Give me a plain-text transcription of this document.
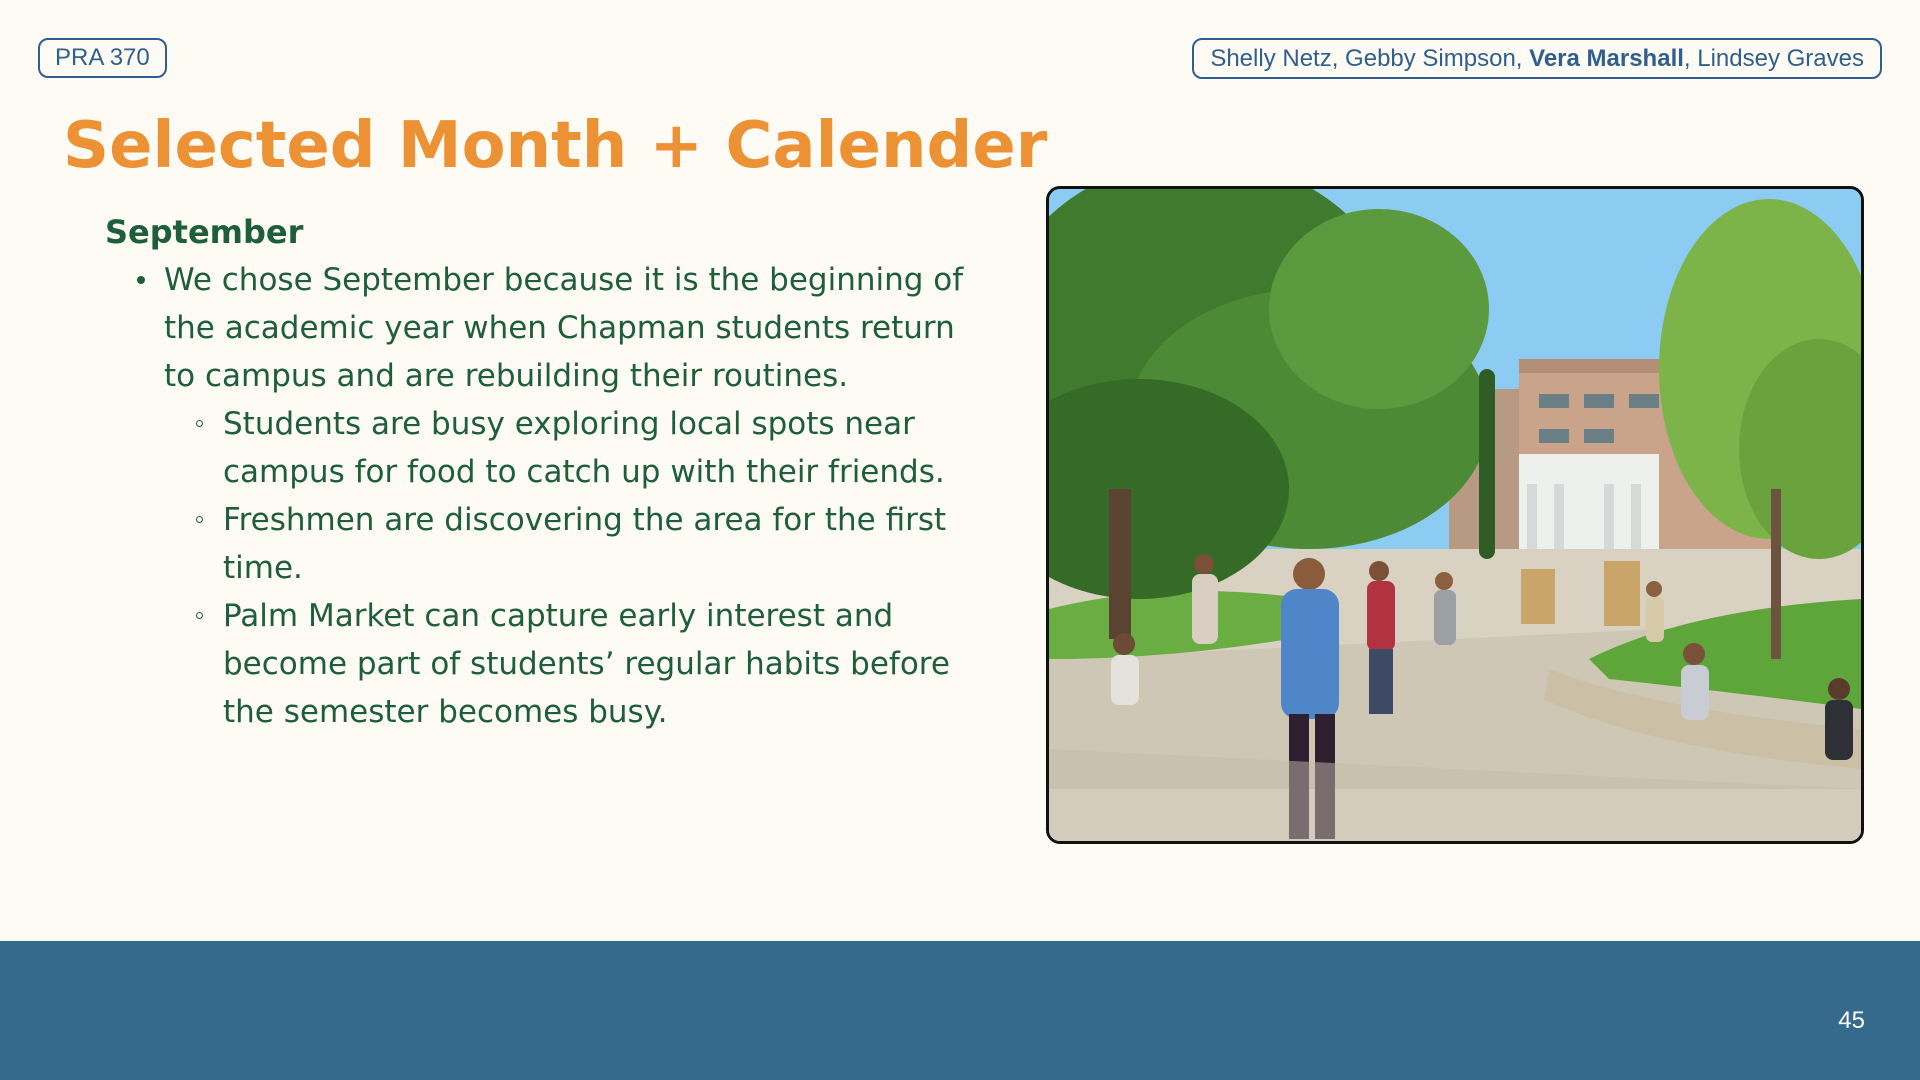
PRA 370	Shelly Netz, Gebby Simpson, Vera Marshall , Lindsey Graves
Selected Month + Calender

September

We chose September because it is the beginning of the academic year when Chapman students return to campus and are rebuilding their routines.
Students are busy exploring local spots near campus for food to catch up with their friends.
Freshmen are discovering the area for the first time.
Palm Market can capture early interest and become part of students’ regular habits before the semester becomes busy.
45
